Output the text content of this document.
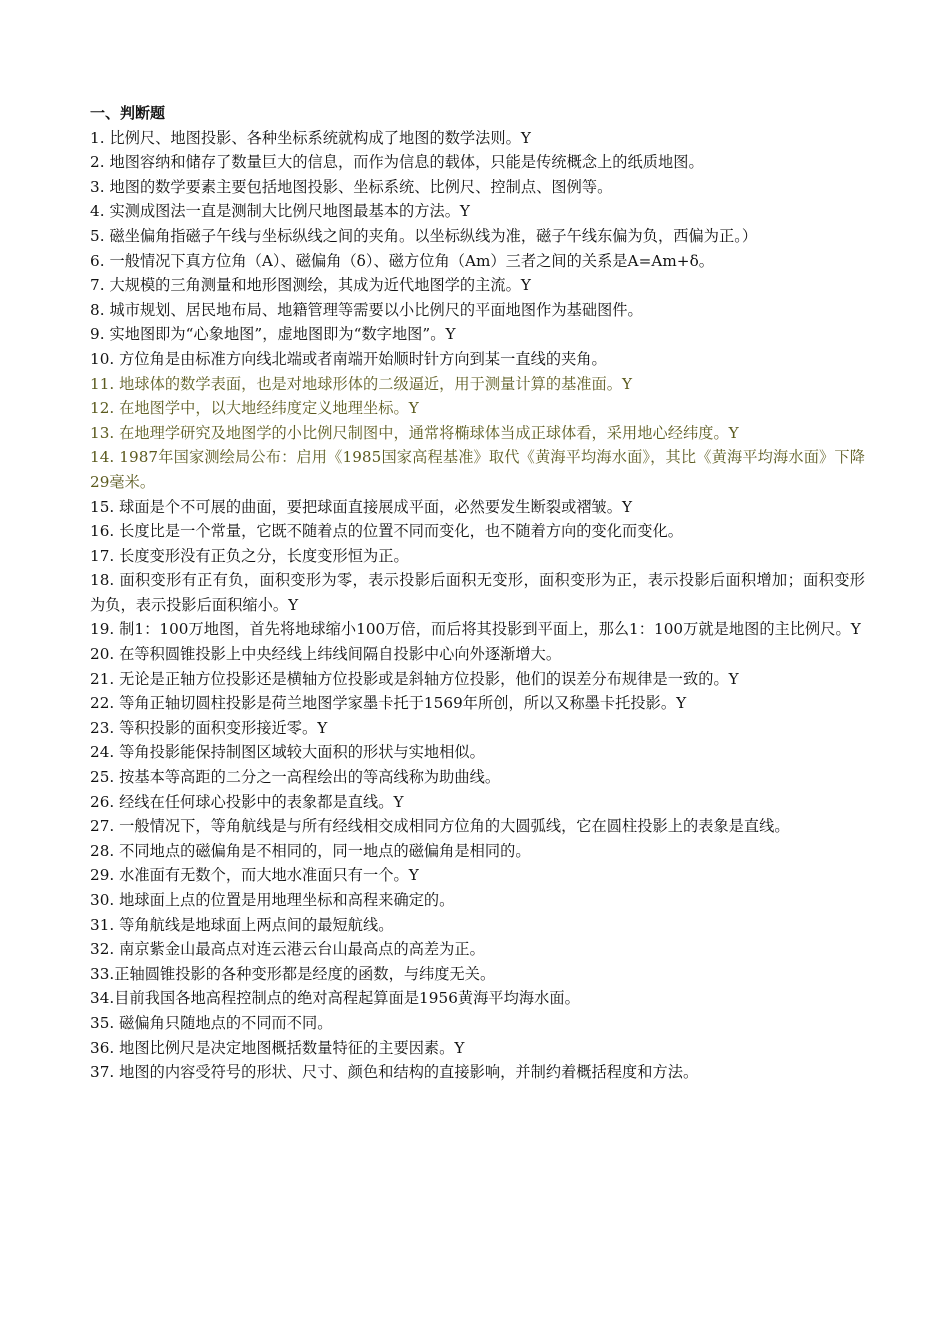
一、判断题
1. 比例尺、地图投影、各种坐标系统就构成了地图的数学法则。Y
2. 地图容纳和储存了数量巨大的信息，而作为信息的载体，只能是传统概念上的纸质地图。
3. 地图的数学要素主要包括地图投影、坐标系统、比例尺、控制点、图例等。
4. 实测成图法一直是测制大比例尺地图最基本的方法。Y
5. 磁坐偏角指磁子午线与坐标纵线之间的夹角。以坐标纵线为准，磁子午线东偏为负，西偏为正。）
6. 一般情况下真方位角（A）、磁偏角（δ）、磁方位角（Am）三者之间的关系是A=Am+δ。
7. 大规模的三角测量和地形图测绘，其成为近代地图学的主流。Y
8. 城市规划、居民地布局、地籍管理等需要以小比例尺的平面地图作为基础图件。
9. 实地图即为“心象地图”，虚地图即为“数字地图”。Y
10. 方位角是由标准方向线北端或者南端开始顺时针方向到某一直线的夹角。
11. 地球体的数学表面，也是对地球形体的二级逼近，用于测量计算的基准面。Y
12. 在地图学中，以大地经纬度定义地理坐标。Y
13. 在地理学研究及地图学的小比例尺制图中，通常将椭球体当成正球体看，采用地心经纬度。Y
14. 1987年国家测绘局公布：启用《1985国家高程基准》取代《黄海平均海水面》，其比《黄海平均海水面》下降29毫米。
15. 球面是个不可展的曲面，要把球面直接展成平面，必然要发生断裂或褶皱。Y
16. 长度比是一个常量，它既不随着点的位置不同而变化，也不随着方向的变化而变化。
17. 长度变形没有正负之分，长度变形恒为正。
18. 面积变形有正有负，面积变形为零，表示投影后面积无变形，面积变形为正，表示投影后面积增加；面积变形为负，表示投影后面积缩小。Y
19. 制1：100万地图，首先将地球缩小100万倍，而后将其投影到平面上，那么1：100万就是地图的主比例尺。Y
20. 在等积圆锥投影上中央经线上纬线间隔自投影中心向外逐渐增大。
21. 无论是正轴方位投影还是横轴方位投影或是斜轴方位投影，他们的误差分布规律是一致的。Y
22. 等角正轴切圆柱投影是荷兰地图学家墨卡托于1569年所创，所以又称墨卡托投影。Y
23. 等积投影的面积变形接近零。Y
24. 等角投影能保持制图区域较大面积的形状与实地相似。
25. 按基本等高距的二分之一高程绘出的等高线称为助曲线。
26. 经线在任何球心投影中的表象都是直线。Y
27. 一般情况下，等角航线是与所有经线相交成相同方位角的大圆弧线，它在圆柱投影上的表象是直线。
28. 不同地点的磁偏角是不相同的，同一地点的磁偏角是相同的。
29. 水准面有无数个，而大地水准面只有一个。Y
30. 地球面上点的位置是用地理坐标和高程来确定的。
31. 等角航线是地球面上两点间的最短航线。
32. 南京紫金山最高点对连云港云台山最高点的高差为正。
33.正轴圆锥投影的各种变形都是经度的函数，与纬度无关。
34.目前我国各地高程控制点的绝对高程起算面是1956黄海平均海水面。
35. 磁偏角只随地点的不同而不同。
36. 地图比例尺是决定地图概括数量特征的主要因素。Y
37. 地图的内容受符号的形状、尺寸、颜色和结构的直接影响，并制约着概括程度和方法。
